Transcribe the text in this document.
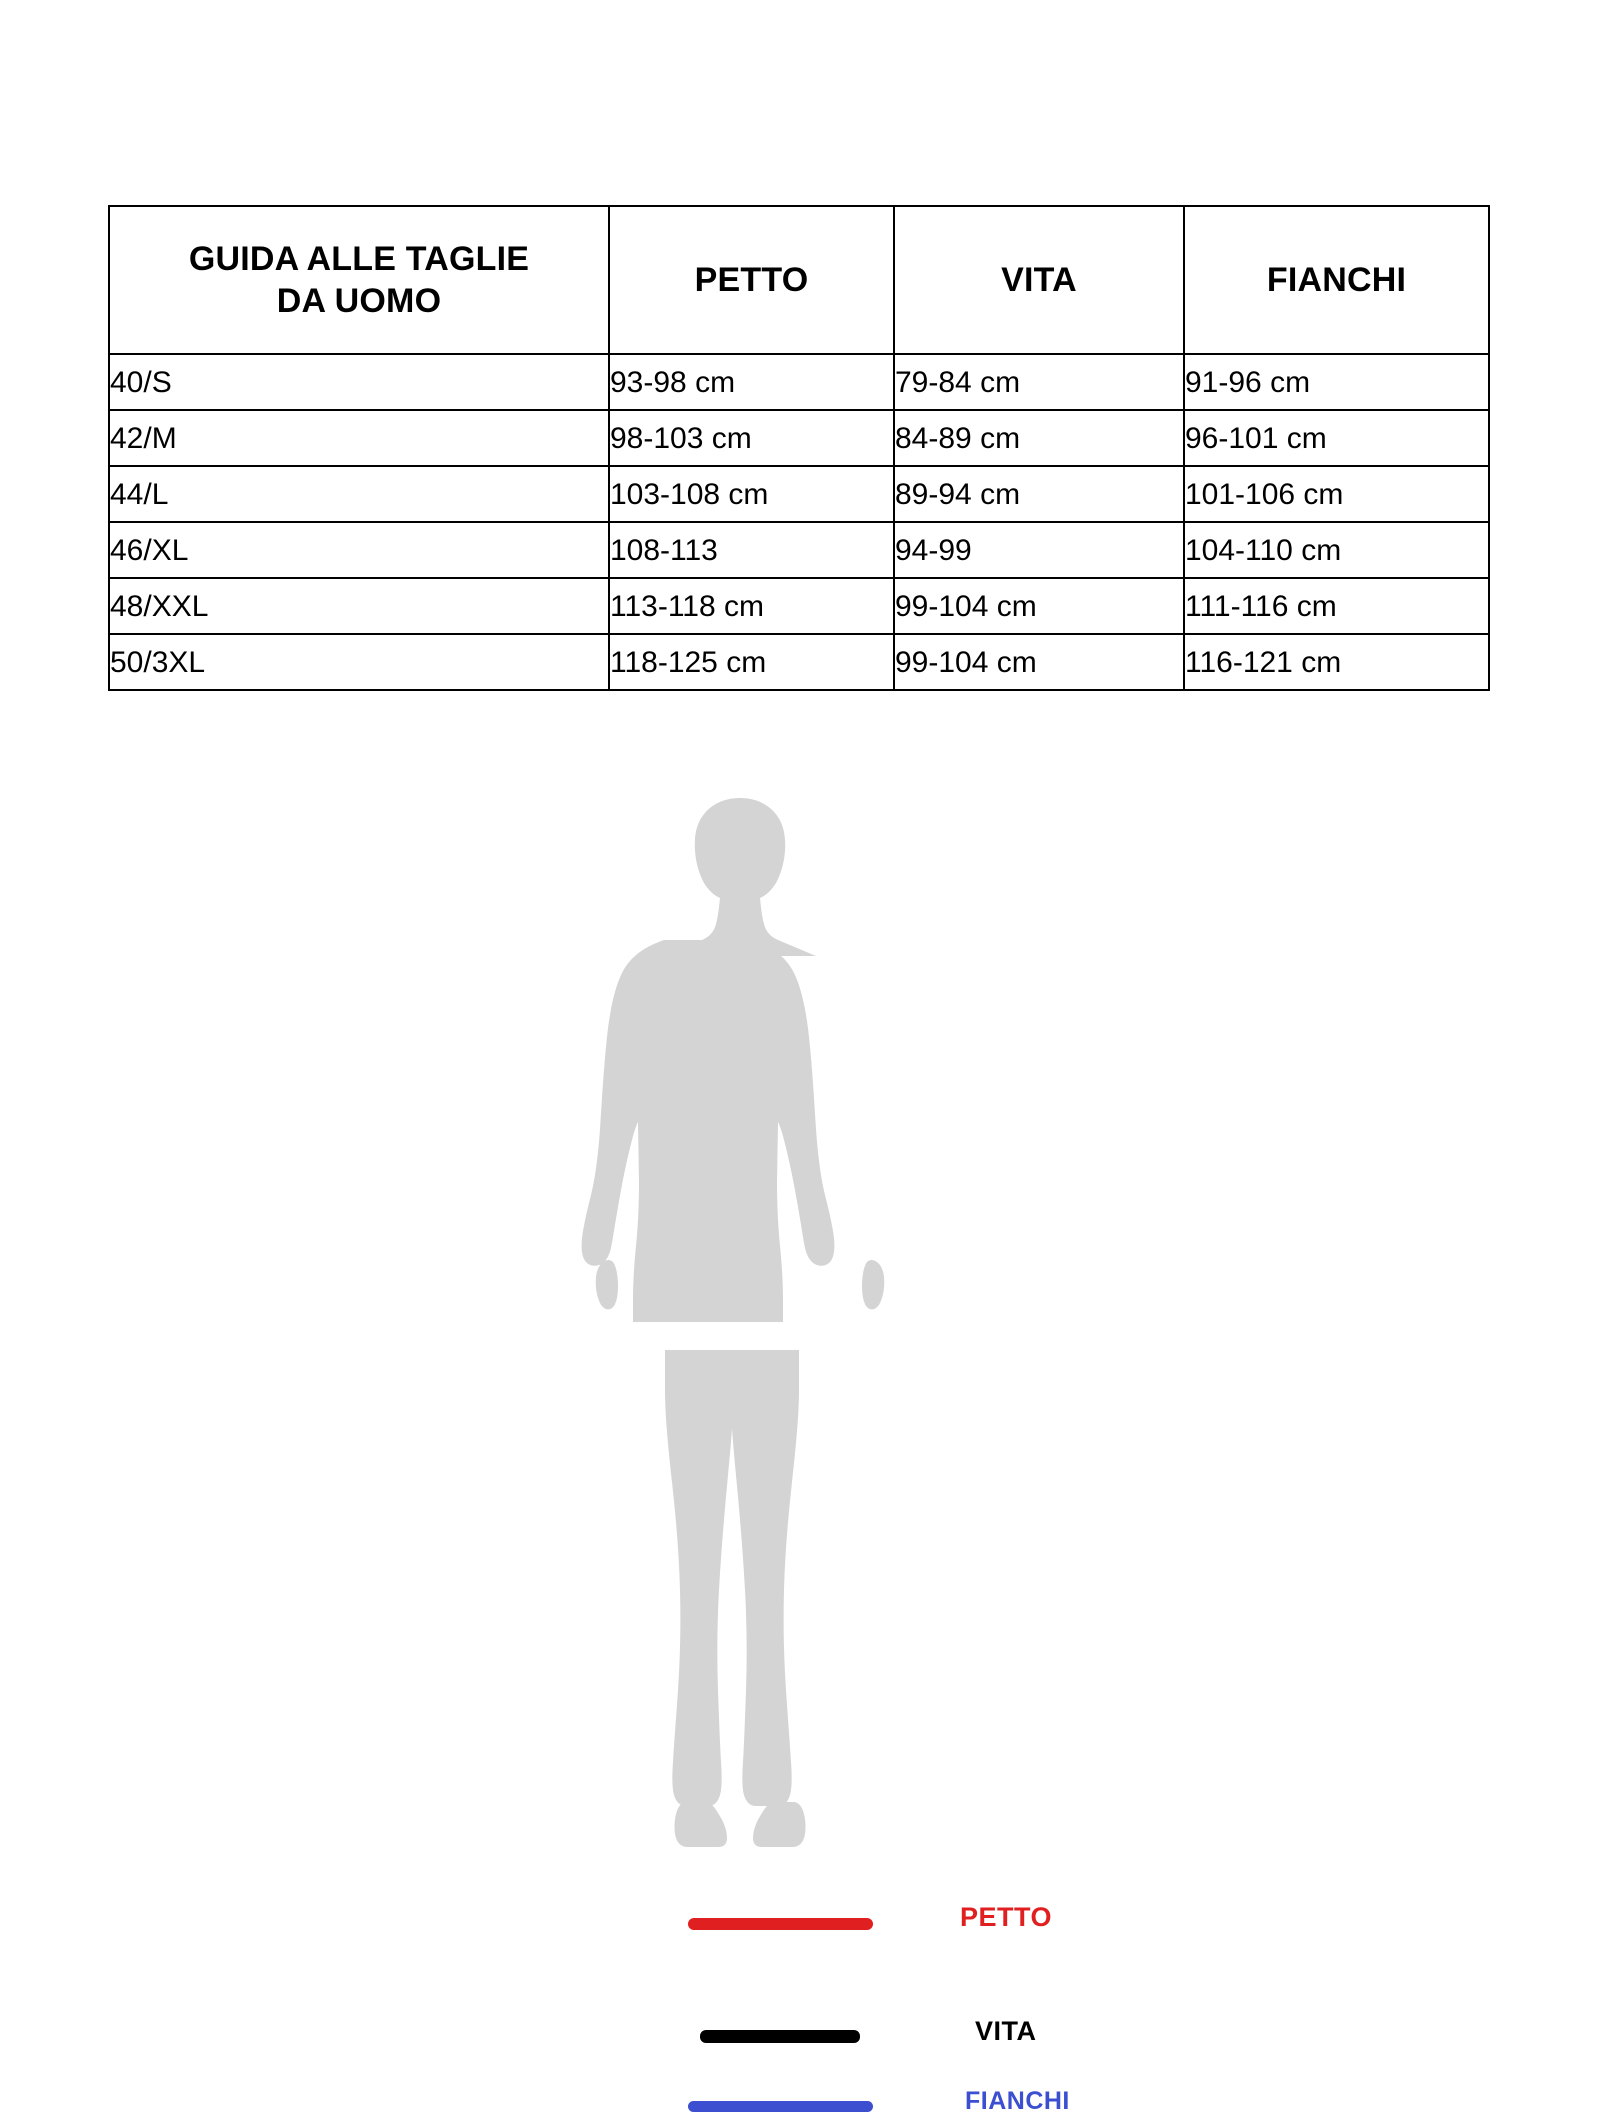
GUIDA ALLE TAGLIE
DA UOMO	PETTO	VITA	FIANCHI
40/S	93-98 cm	79-84 cm	91-96 cm
42/M	98-103 cm	84-89 cm	96-101 cm
44/L	103-108 cm	89-94 cm	101-106 cm
46/XL	108-113	94-99	104-110 cm
48/XXL	113-118 cm	99-104 cm	111-116 cm
50/3XL	118-125 cm	99-104 cm	116-121 cm
PETTO
VITA
FIANCHI
